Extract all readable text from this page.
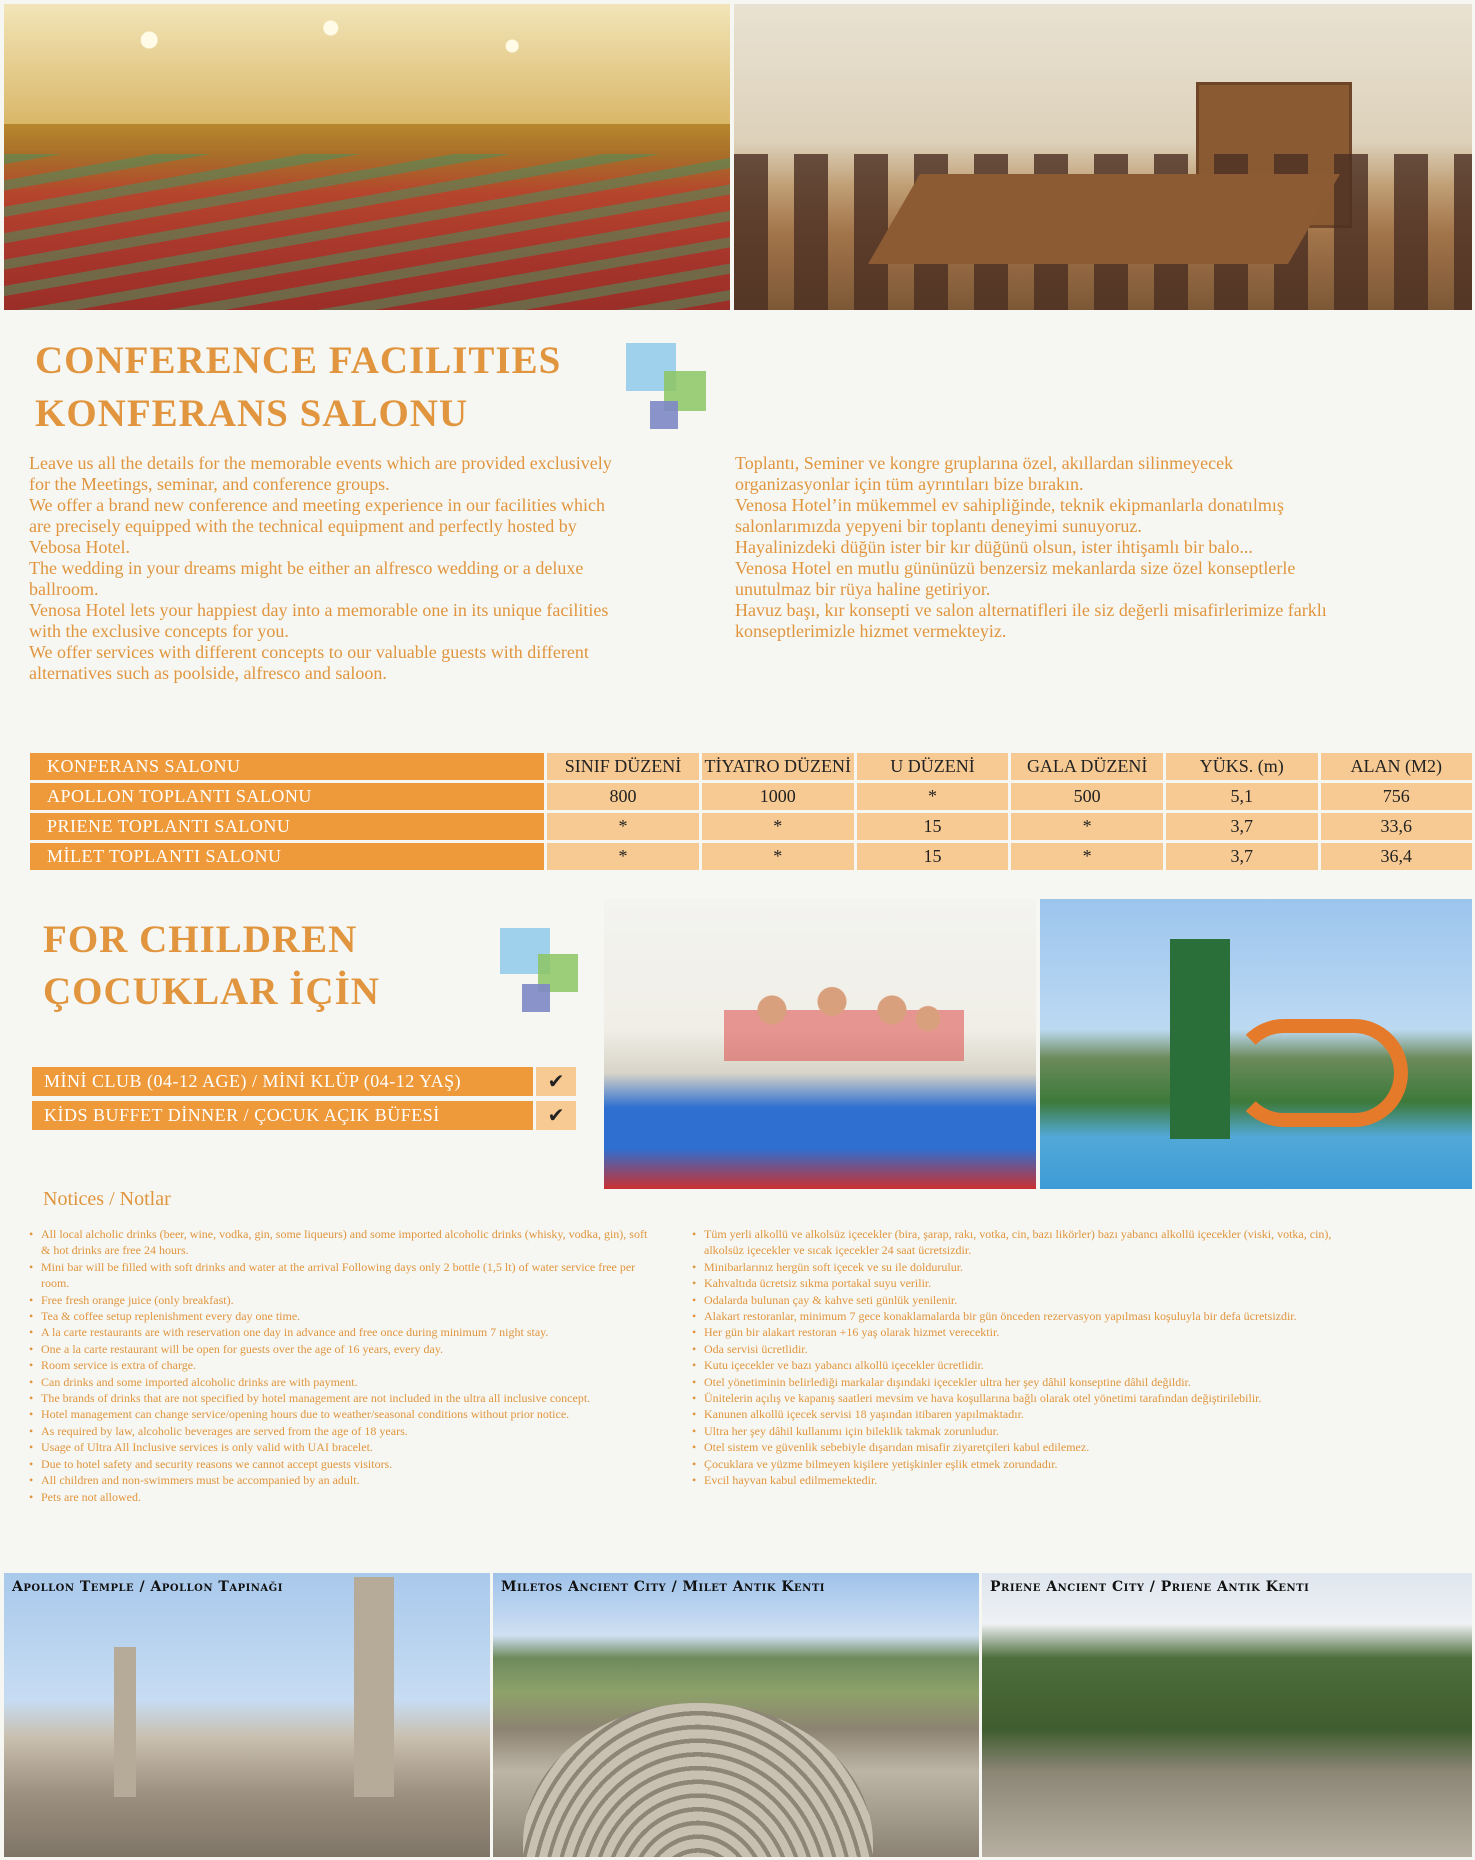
CONFERENCE FACILITIES
KONFERANS SALONU

Leave us all the details for the memorable events which are provided exclusively

for the Meetings, seminar, and conference groups.

We offer a brand new conference and meeting experience in our facilities which

are precisely equipped with the technical equipment and perfectly hosted by

Vebosa Hotel.

The wedding in your dreams might be either an alfresco wedding or a deluxe

ballroom.

Venosa Hotel lets your happiest day into a memorable one in its unique facilities

with the exclusive concepts for you.

We offer services with different concepts to our valuable guests with different

alternatives such as poolside, alfresco and saloon.

Toplantı, Seminer ve kongre gruplarına özel, akıllardan silinmeyecek

organizasyonlar için tüm ayrıntıları bize bırakın.

Venosa Hotel’in mükemmel ev sahipliğinde, teknik ekipmanlarla donatılmış

salonlarımızda yepyeni bir toplantı deneyimi sunuyoruz.

Hayalinizdeki düğün ister bir kır düğünü olsun, ister ihtişamlı bir balo...

Venosa Hotel en mutlu gününüzü benzersiz mekanlarda size özel konseptlerle

unutulmaz bir rüya haline getiriyor.

Havuz başı, kır konsepti ve salon alternatifleri ile siz değerli misafirlerimize farklı

konseptlerimizle hizmet vermekteyiz.

KONFERANS SALONU	SINIF DÜZENİ	TİYATRO DÜZENİ	U DÜZENİ	GALA DÜZENİ	YÜKS. (m)	ALAN (M2)
APOLLON TOPLANTI SALONU	800	1000	*	500	5,1	756
PRIENE TOPLANTI SALONU	*	*	15	*	3,7	33,6
MİLET TOPLANTI SALONU	*	*	15	*	3,7	36,4
FOR CHILDREN
ÇOCUKLAR İÇİN
MİNİ CLUB (04-12 AGE) / MİNİ KLÜP (04-12 YAŞ)	✔
KİDS BUFFET DİNNER / ÇOCUK AÇIK BÜFESİ	✔
Notices / Notlar
• All local alcholic drinks (beer, wine, vodka, gin, some liqueurs) and some imported alcoholic drinks (whisky, vodka, gin), soft & hot drinks are free 24 hours.
• Mini bar will be filled with soft drinks and water at the arrival Following days only 2 bottle (1,5 lt) of water service free per room.
• Free fresh orange juice (only breakfast).
• Tea & coffee setup replenishment every day one time.
• A la carte restaurants are with reservation one day in advance and free once during minimum 7 night stay.
• One a la carte restaurant will be open for guests over the age of 16 years, every day.
• Room service is extra of charge.
• Can drinks and some imported alcoholic drinks are with payment.
• The brands of drinks that are not specified by hotel management are not included in the ultra all inclusive concept.
• Hotel management can change service/opening hours due to weather/seasonal conditions without prior notice.
• As required by law, alcoholic beverages are served from the age of 18 years.
• Usage of Ultra All Inclusive services is only valid with UAI bracelet.
• Due to hotel safety and security reasons we cannot accept guests visitors.
• All children and non-swimmers must be accompanied by an adult.
• Pets are not allowed.
• Tüm yerli alkollü ve alkolsüz içecekler (bira, şarap, rakı, votka, cin, bazı likörler) bazı yabancı alkollü içecekler (viski, votka, cin), alkolsüz içecekler ve sıcak içecekler 24 saat ücretsizdir.
• Minibarlarınız hergün soft içecek ve su ile doldurulur.
• Kahvaltıda ücretsiz sıkma portakal suyu verilir.
• Odalarda bulunan çay & kahve seti günlük yenilenir.
• Alakart restoranlar, minimum 7 gece konaklamalarda bir gün önceden rezervasyon yapılması koşuluyla bir defa ücretsizdir.
• Her gün bir alakart restoran +16 yaş olarak hizmet verecektir.
• Oda servisi ücretlidir.
• Kutu içecekler ve bazı yabancı alkollü içecekler ücretlidir.
• Otel yönetiminin belirlediği markalar dışındaki içecekler ultra her şey dâhil konseptine dâhil değildir.
• Ünitelerin açılış ve kapanış saatleri mevsim ve hava koşullarına bağlı olarak otel yönetimi tarafından değiştirilebilir.
• Kanunen alkollü içecek servisi 18 yaşından itibaren yapılmaktadır.
• Ultra her şey dâhil kullanımı için bileklik takmak zorunludur.
• Otel sistem ve güvenlik sebebiyle dışarıdan misafir ziyaretçileri kabul edilemez.
• Çocuklara ve yüzme bilmeyen kişilere yetişkinler eşlik etmek zorundadır.
• Evcil hayvan kabul edilmemektedir.
Apollon Temple / Apollon Tapınağı	Miletos Ancient City / Milet Antik Kenti	Priene Ancient City / Priene Antik Kenti
